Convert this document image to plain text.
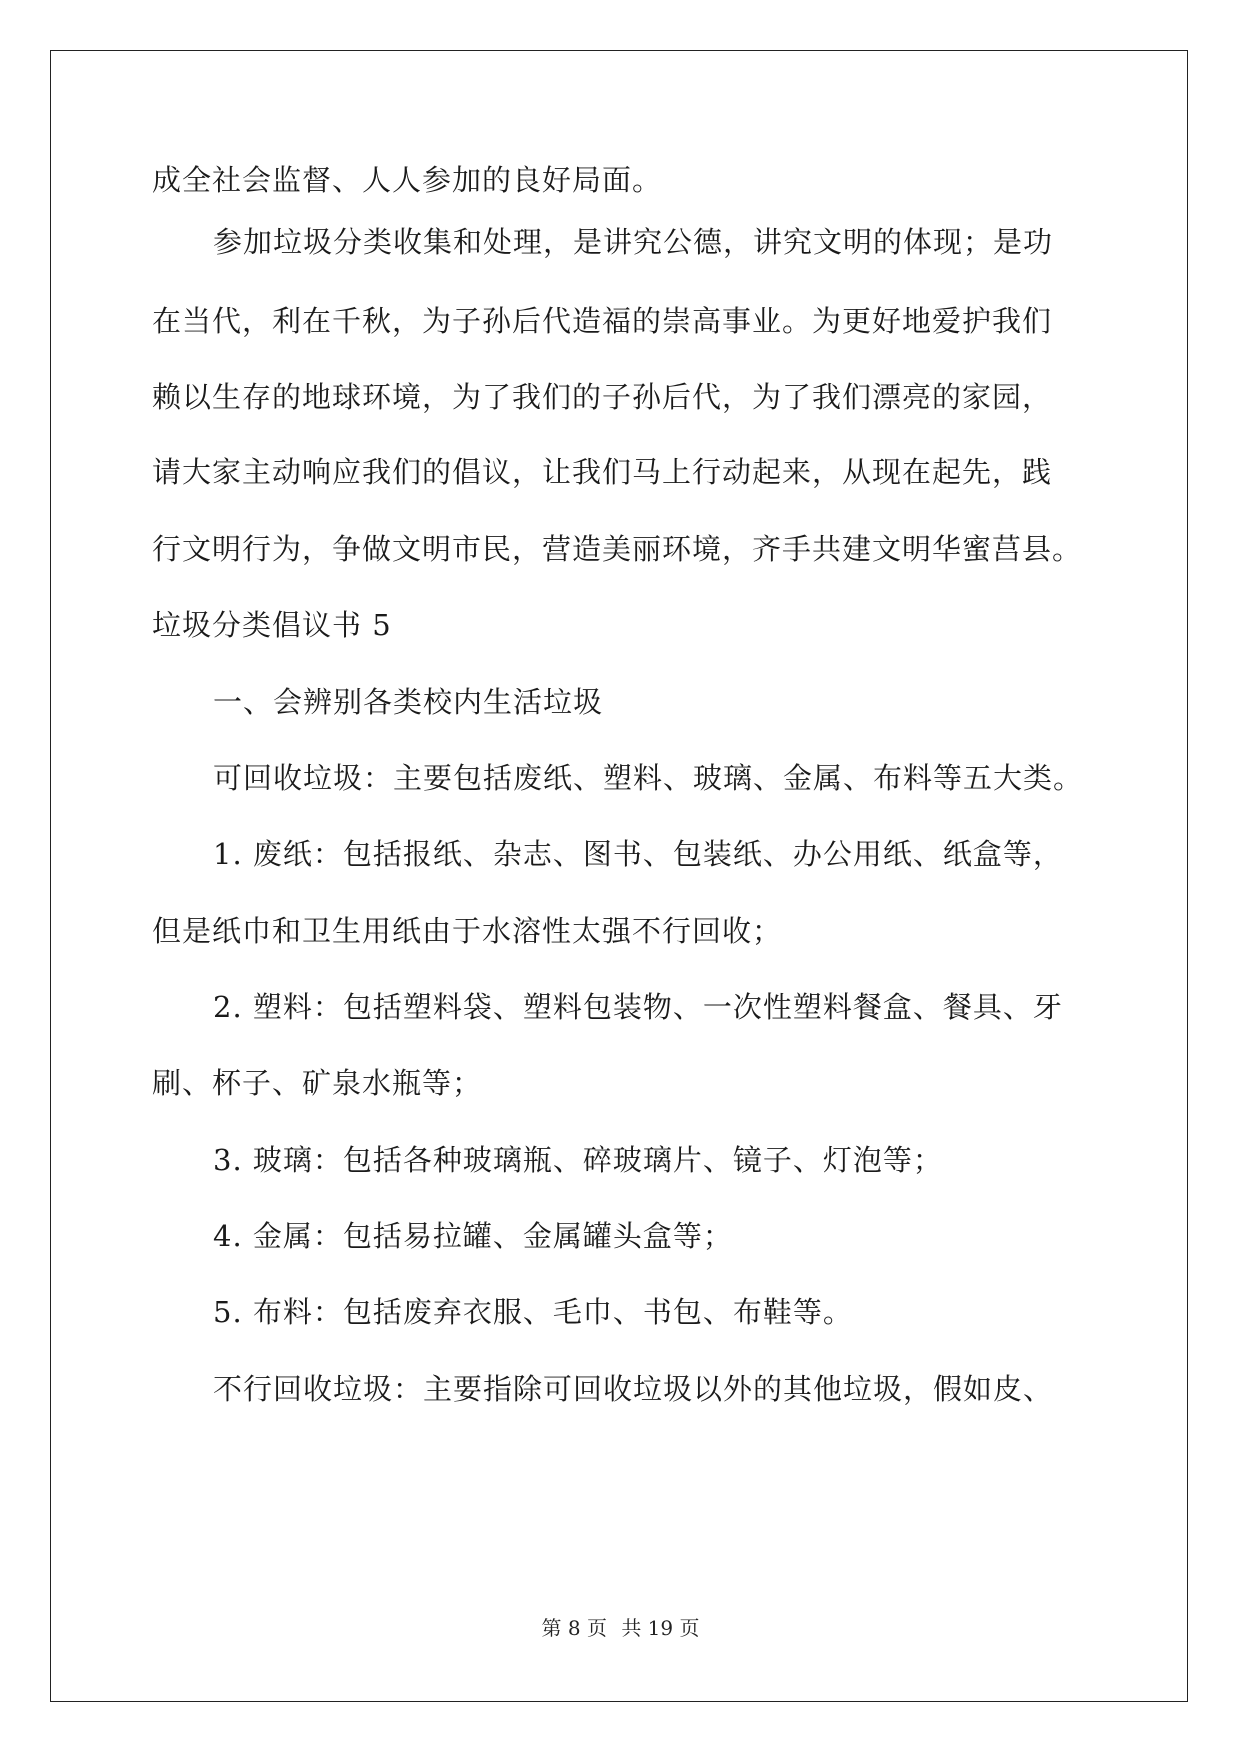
成全社会监督、人人参加的良好局面。
参加垃圾分类收集和处理，是讲究公德，讲究文明的体现；是功
在当代，利在千秋，为子孙后代造福的崇高事业。为更好地爱护我们
赖以生存的地球环境，为了我们的子孙后代，为了我们漂亮的家园，
请大家主动响应我们的倡议，让我们马上行动起来，从现在起先，践
行文明行为，争做文明市民，营造美丽环境，齐手共建文明华蜜莒县。
垃圾分类倡议书 5
一、会辨别各类校内生活垃圾
可回收垃圾：主要包括废纸、塑料、玻璃、金属、布料等五大类。
1. 废纸：包括报纸、杂志、图书、包装纸、办公用纸、纸盒等，
但是纸巾和卫生用纸由于水溶性太强不行回收；
2. 塑料：包括塑料袋、塑料包装物、一次性塑料餐盒、餐具、牙
刷、杯子、矿泉水瓶等；
3. 玻璃：包括各种玻璃瓶、碎玻璃片、镜子、灯泡等；
4. 金属：包括易拉罐、金属罐头盒等；
5. 布料：包括废弃衣服、毛巾、书包、布鞋等。
不行回收垃圾：主要指除可回收垃圾以外的其他垃圾，假如皮、
第 8 页 共 19 页
